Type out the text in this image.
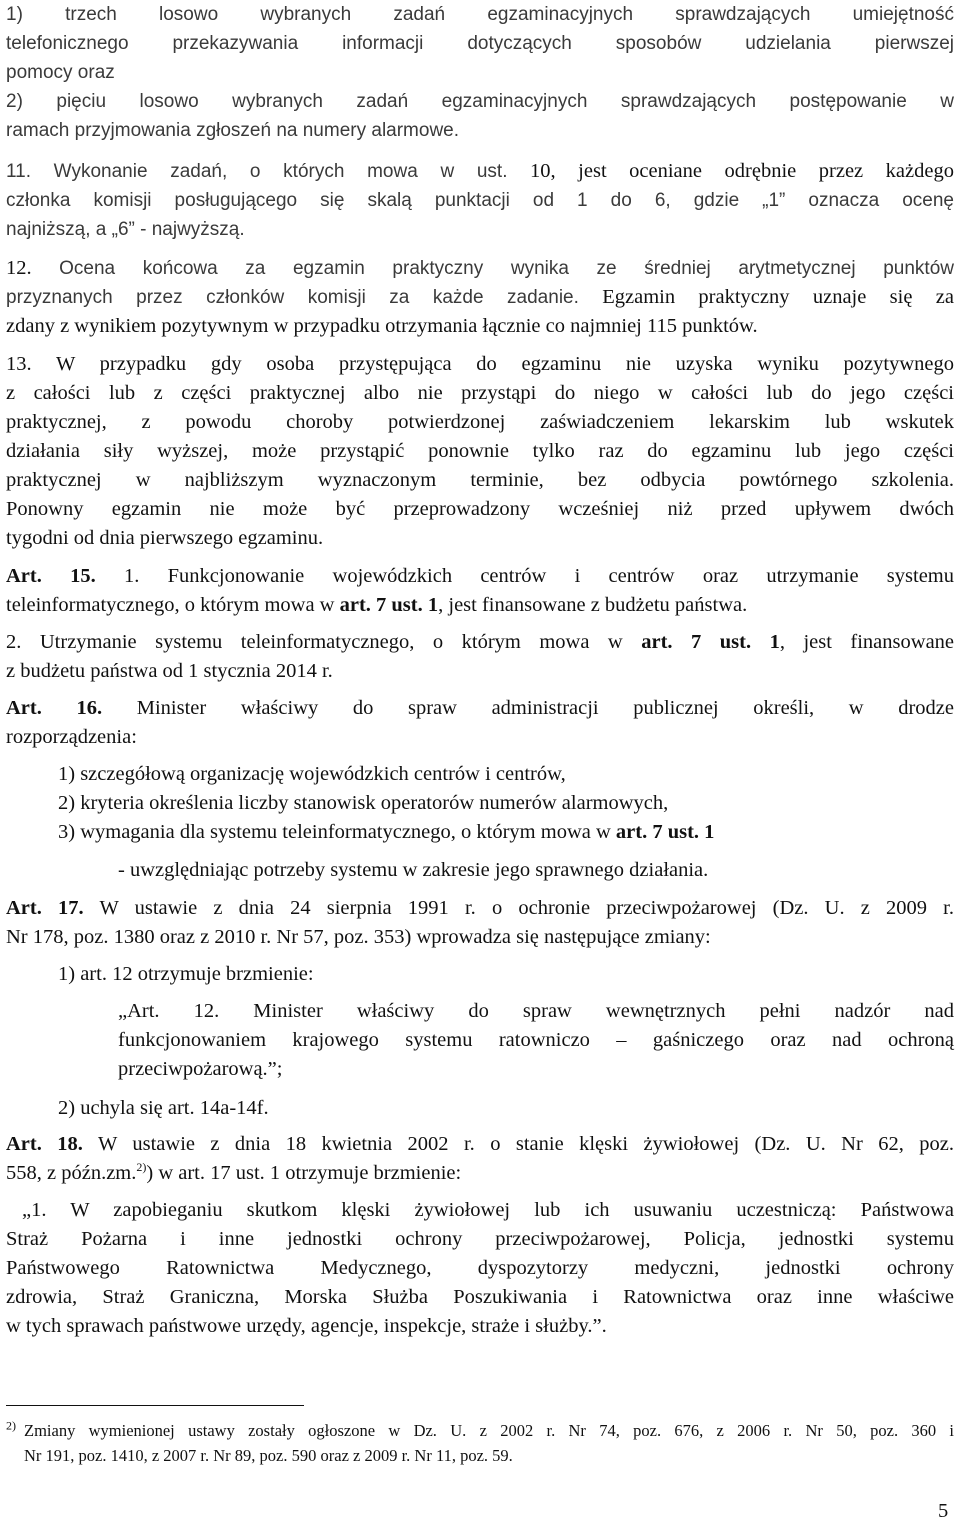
1) trzech losowo wybranych zadań egzaminacyjnych sprawdzających umiejętność
telefonicznego przekazywania informacji dotyczących sposobów udzielania pierwszej
pomocy oraz
2) pięciu losowo wybranych zadań egzaminacyjnych sprawdzających postępowanie w
ramach przyjmowania zgłoszeń na numery alarmowe.
11. Wykonanie zadań, o których mowa w ust. 10, jest oceniane odrębnie przez każdego
członka komisji posługującego się skalą punktacji od 1 do 6, gdzie „1” oznacza ocenę
najniższą, a „6” - najwyższą.
12. Ocena końcowa za egzamin praktyczny wynika ze średniej arytmetycznej punktów
przyznanych przez członków komisji za każde zadanie. Egzamin praktyczny uznaje się za
zdany z wynikiem pozytywnym w przypadku otrzymania łącznie co najmniej 115 punktów.
13. W przypadku gdy osoba przystępująca do egzaminu nie uzyska wyniku pozytywnego
z całości lub z części praktycznej albo nie przystąpi do niego w całości lub do jego części
praktycznej, z powodu choroby potwierdzonej zaświadczeniem lekarskim lub wskutek
działania siły wyższej, może przystąpić ponownie tylko raz do egzaminu lub jego części
praktycznej w najbliższym wyznaczonym terminie, bez odbycia powtórnego szkolenia.
Ponowny egzamin nie może być przeprowadzony wcześniej niż przed upływem dwóch
tygodni od dnia pierwszego egzaminu.
Art. 15. 1. Funkcjonowanie wojewódzkich centrów i centrów oraz utrzymanie systemu
teleinformatycznego, o którym mowa w art. 7 ust. 1, jest finansowane z budżetu państwa.
2. Utrzymanie systemu teleinformatycznego, o którym mowa w art. 7 ust. 1, jest finansowane
z budżetu państwa od 1 stycznia 2014 r.
Art. 16. Minister właściwy do spraw administracji publicznej określi, w drodze
rozporządzenia:
1) szczegółową organizację wojewódzkich centrów i centrów,
2) kryteria określenia liczby stanowisk operatorów numerów alarmowych,
3) wymagania dla systemu teleinformatycznego, o którym mowa w art. 7 ust. 1
- uwzględniając potrzeby systemu w zakresie jego sprawnego działania.
Art. 17. W ustawie z dnia 24 sierpnia 1991 r. o ochronie przeciwpożarowej (Dz. U. z 2009 r.
Nr 178, poz. 1380 oraz z 2010 r. Nr 57, poz. 353) wprowadza się następujące zmiany:
1) art. 12 otrzymuje brzmienie:
„Art. 12. Minister właściwy do spraw wewnętrznych pełni nadzór nad
funkcjonowaniem krajowego systemu ratowniczo – gaśniczego oraz nad ochroną
przeciwpożarową.”;
2) uchyla się art. 14a-14f.
Art. 18. W ustawie z dnia 18 kwietnia 2002 r. o stanie klęski żywiołowej (Dz. U. Nr 62, poz.
558, z późn.zm.$^{2)}$) w art. 17 ust. 1 otrzymuje brzmienie:
„1. W zapobieganiu skutkom klęski żywiołowej lub ich usuwaniu uczestniczą: Państwowa
Straż Pożarna i inne jednostki ochrony przeciwpożarowej, Policja, jednostki systemu
Państwowego Ratownictwa Medycznego, dyspozytorzy medyczni, jednostki ochrony
zdrowia, Straż Graniczna, Morska Służba Poszukiwania i Ratownictwa oraz inne właściwe
w tych sprawach państwowe urzędy, agencje, inspekcje, straże i służby.”.
$^{2)}$ Zmiany wymienionej ustawy zostały ogłoszone w Dz. U. z 2002 r. Nr 74, poz. 676, z 2006 r. Nr 50, poz. 360 i
Nr 191, poz. 1410, z 2007 r. Nr 89, poz. 590 oraz z 2009 r. Nr 11, poz. 59.
5
